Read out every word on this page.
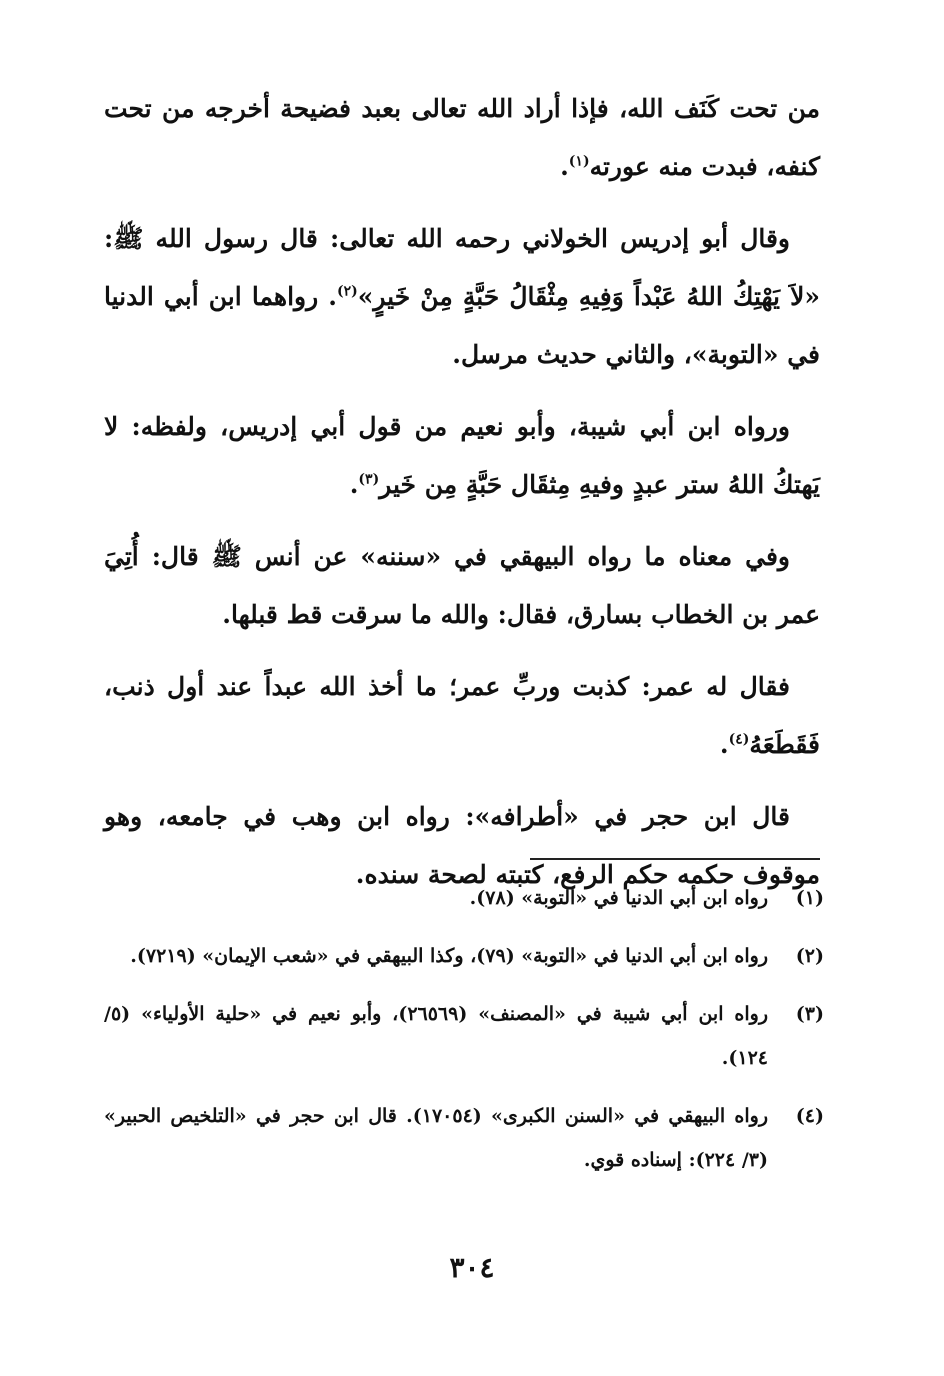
من تحت كَنَف الله، فإذا أراد الله تعالى بعبد فضيحة أخرجه من تحت كنفه، فبدت منه عورته$^{(١)}$.

وقال أبو إدريس الخولاني رحمه الله تعالى: قال رسول الله ﷺ: «لاَ يَهْتِكُ اللهُ عَبْداً وَفِيهِ مِثْقَالُ حَبَّةٍ مِنْ خَيرٍ»$^{(٢)}$. رواهما ابن أبي الدنيا في «التوبة»، والثاني حديث مرسل.

ورواه ابن أبي شيبة، وأبو نعيم من قول أبي إدريس، ولفظه: لا يَهتكُ اللهُ ستر عبدٍ وفيهِ مِثقَال حَبَّةٍ مِن خَير$^{(٣)}$.

وفي معناه ما رواه البيهقي في «سننه» عن أنس ﷺ قال: أُتِيَ عمر بن الخطاب بسارق، فقال: والله ما سرقت قط قبلها.

فقال له عمر: كذبت وربِّ عمر؛ ما أخذ الله عبداً عند أول ذنب، فَقَطَعَهُ$^{(٤)}$.

قال ابن حجر في «أطرافه»: رواه ابن وهب في جامعه، وهو موقوف حكمه حكم الرفع، كتبته لصحة سنده.

(١)
رواه ابن أبي الدنيا في «التوبة» (٧٨).
(٢)
رواه ابن أبي الدنيا في «التوبة» (٧٩)، وكذا البيهقي في «شعب الإيمان» (٧٢١٩).
(٣)
رواه ابن أبي شيبة في «المصنف» (٢٦٥٦٩)، وأبو نعيم في «حلية الأولياء» (٥/ ١٢٤).
(٤)
رواه البيهقي في «السنن الكبرى» (١٧٠٥٤). قال ابن حجر في «التلخيص الحبير» (٣/ ٢٢٤): إسناده قوي.
٣٠٤
